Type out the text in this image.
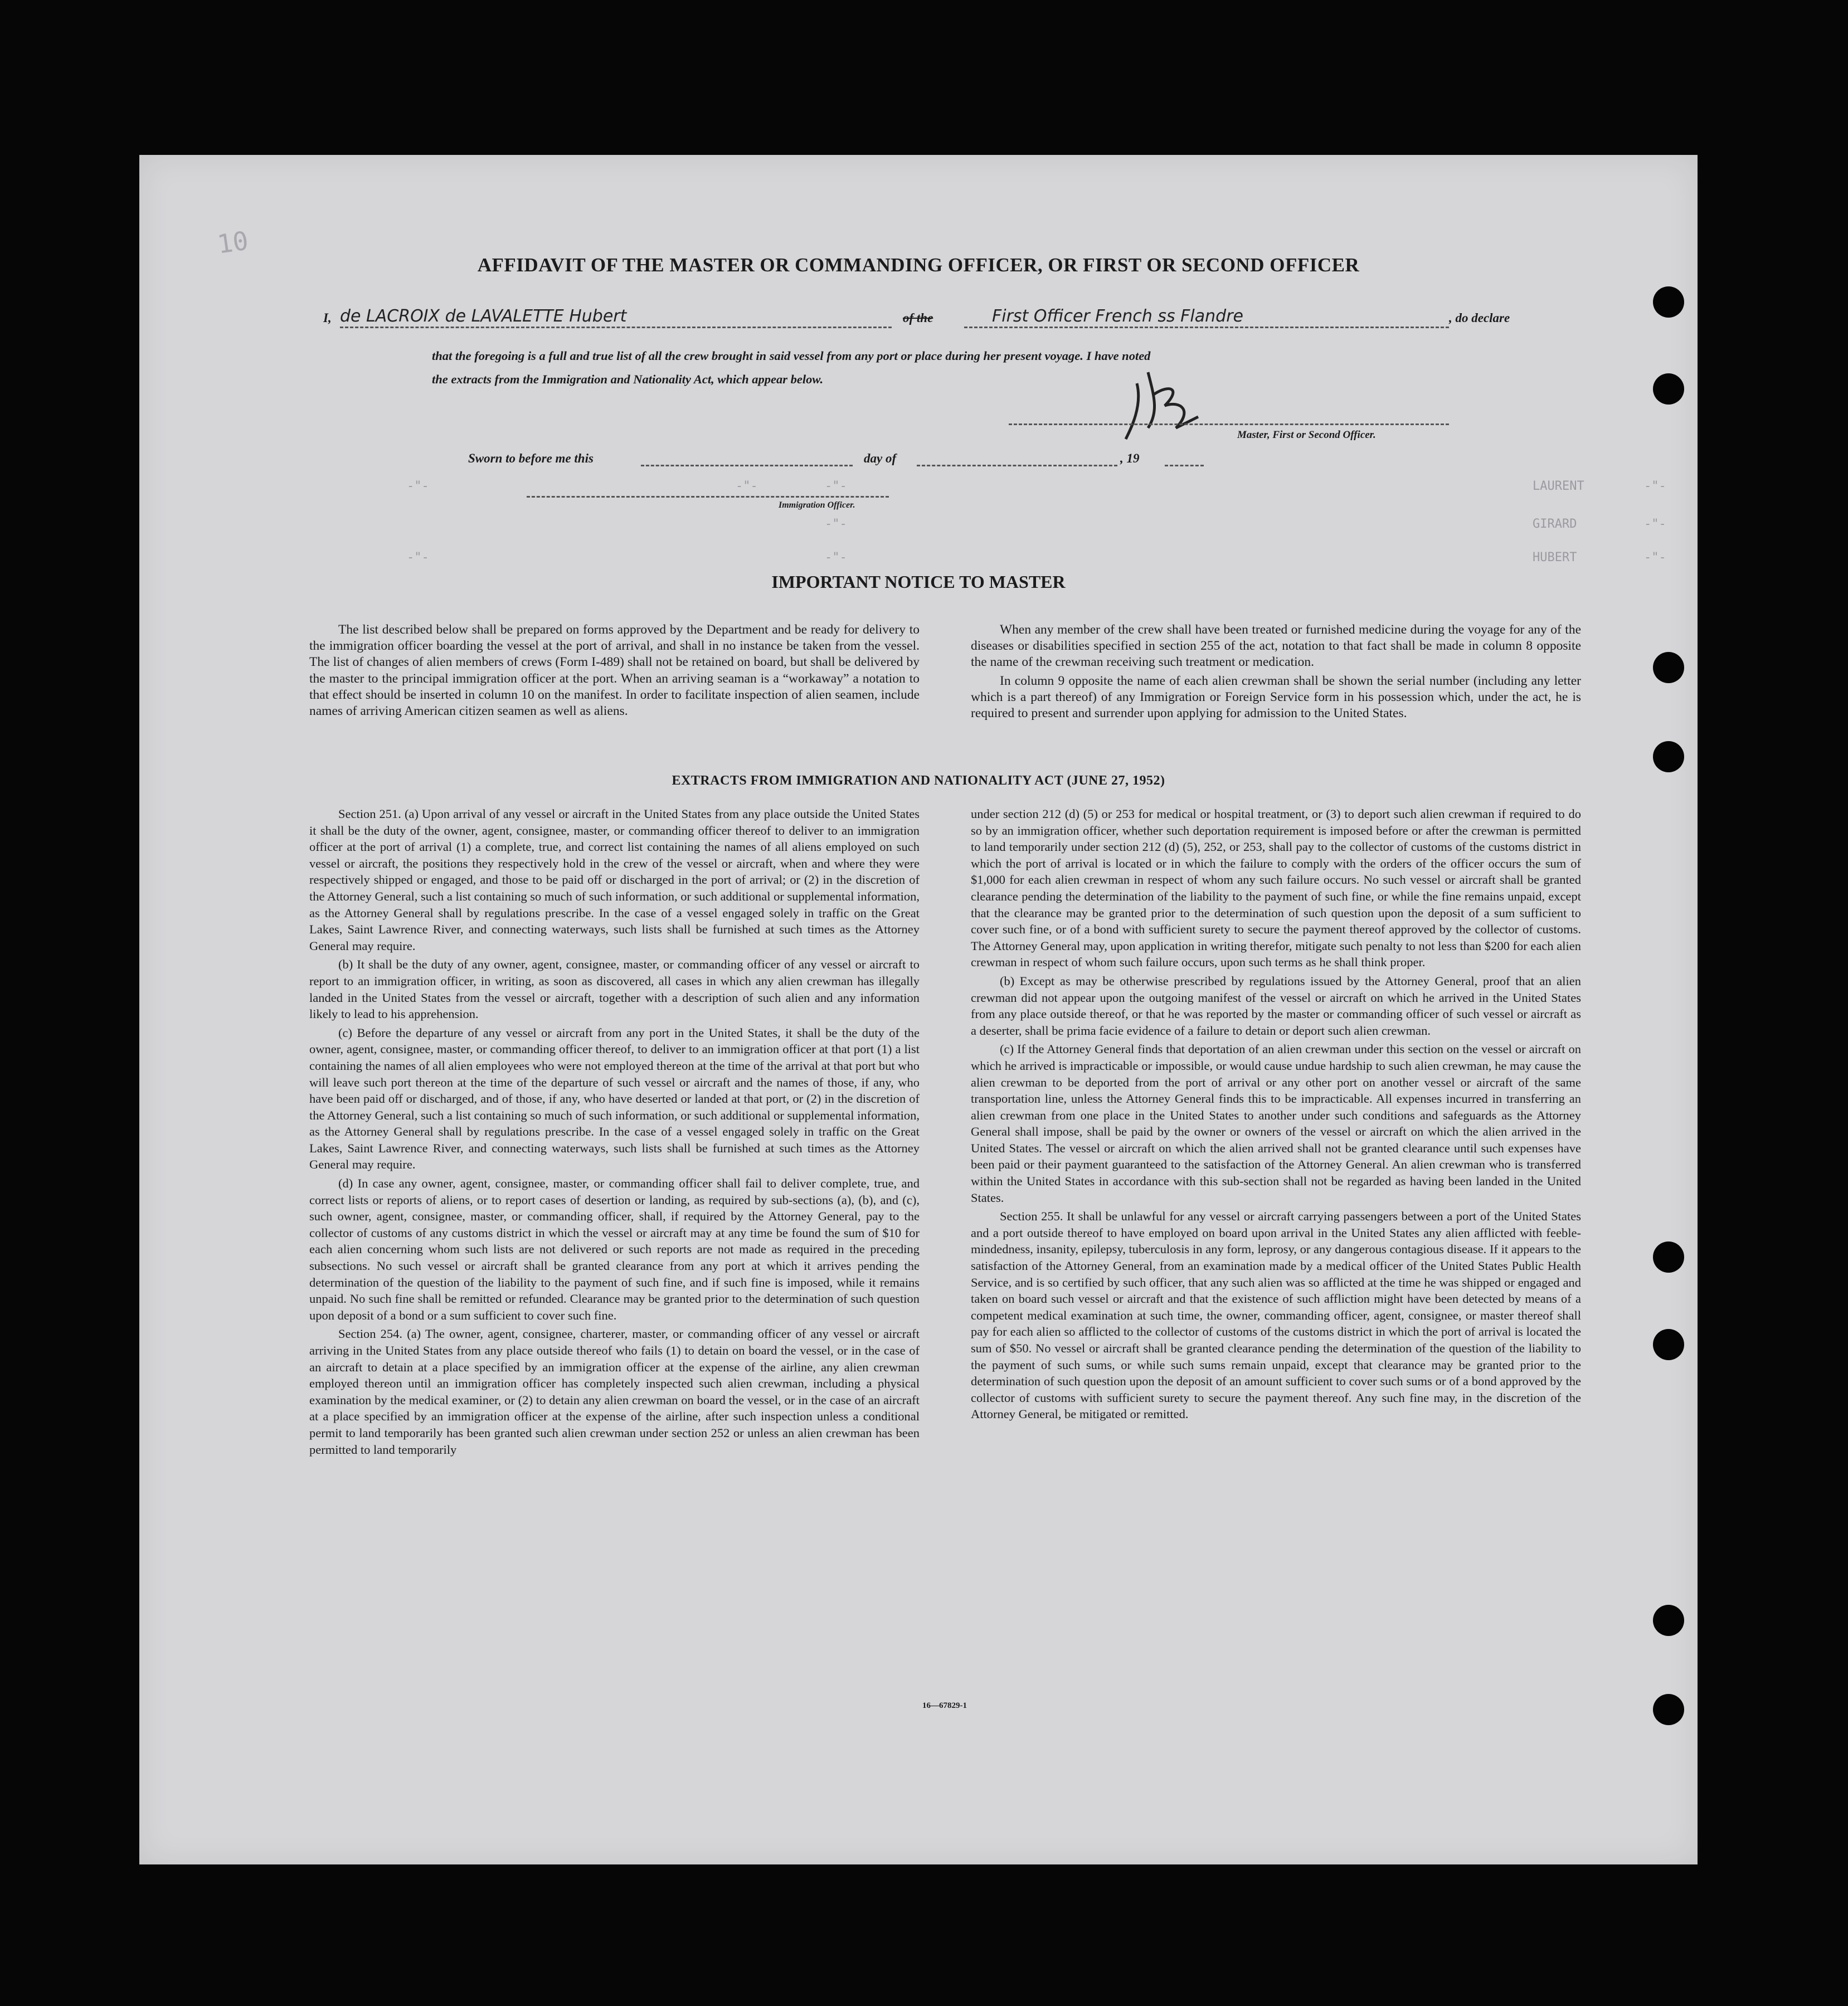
10
AFFIDAVIT OF THE MASTER OR COMMANDING OFFICER, OR FIRST OR SECOND OFFICER
I, de LACROIX de LAVALETTE Hubert	of the	First Officer French ss Flandre	, do declare
that the foregoing is a full and true list of all the crew brought in said vessel from any port or place during her present voyage. I have noted
the extracts from the Immigration and Nationality Act, which appear below.
Master, First or Second Officer.
Sworn to before me this	day of	, 19
Immigration Officer.
-"-
-"-
-"-	-"-
-"-
-"-
-"-
-"-
-"-
LAURENT
GIRARD
HUBERT
IMPORTANT NOTICE TO MASTER

The list described below shall be prepared on forms approved by the Department and be ready for delivery to the immigration officer boarding the vessel at the port of arrival, and shall in no instance be taken from the vessel. The list of changes of alien members of crews (Form I-489) shall not be retained on board, but shall be delivered by the master to the principal immigration officer at the port. When an arriving seaman is a “workaway” a notation to that effect should be inserted in column 10 on the manifest. In order to facilitate inspection of alien seamen, include names of arriving American citizen seamen as well as aliens.

When any member of the crew shall have been treated or furnished medicine during the voyage for any of the diseases or disabilities specified in section 255 of the act, notation to that fact shall be made in column 8 opposite the name of the crewman receiving such treatment or medication.

In column 9 opposite the name of each alien crewman shall be shown the serial number (including any letter which is a part thereof) of any Immigration or Foreign Service form in his possession which, under the act, he is required to present and surrender upon applying for admission to the United States.

EXTRACTS FROM IMMIGRATION AND NATIONALITY ACT (JUNE 27, 1952)

Section 251. (a) Upon arrival of any vessel or aircraft in the United States from any place outside the United States it shall be the duty of the owner, agent, consignee, master, or commanding officer thereof to deliver to an immigration officer at the port of arrival (1) a complete, true, and correct list containing the names of all aliens employed on such vessel or aircraft, the positions they respectively hold in the crew of the vessel or aircraft, when and where they were respectively shipped or engaged, and those to be paid off or discharged in the port of arrival; or (2) in the discretion of the Attorney General, such a list containing so much of such information, or such additional or supplemental information, as the Attorney General shall by regulations prescribe. In the case of a vessel engaged solely in traffic on the Great Lakes, Saint Lawrence River, and connecting waterways, such lists shall be furnished at such times as the Attorney General may require.

(b) It shall be the duty of any owner, agent, consignee, master, or commanding officer of any vessel or aircraft to report to an immigration officer, in writing, as soon as discovered, all cases in which any alien crewman has illegally landed in the United States from the vessel or aircraft, together with a description of such alien and any information likely to lead to his apprehension.

(c) Before the departure of any vessel or aircraft from any port in the United States, it shall be the duty of the owner, agent, consignee, master, or commanding officer thereof, to deliver to an immigration officer at that port (1) a list containing the names of all alien employees who were not employed thereon at the time of the arrival at that port but who will leave such port thereon at the time of the departure of such vessel or aircraft and the names of those, if any, who have been paid off or discharged, and of those, if any, who have deserted or landed at that port, or (2) in the discretion of the Attorney General, such a list containing so much of such information, or such additional or supplemental information, as the Attorney General shall by regulations prescribe. In the case of a vessel engaged solely in traffic on the Great Lakes, Saint Lawrence River, and connecting waterways, such lists shall be furnished at such times as the Attorney General may require.

(d) In case any owner, agent, consignee, master, or commanding officer shall fail to deliver complete, true, and correct lists or reports of aliens, or to report cases of desertion or landing, as required by sub-sections (a), (b), and (c), such owner, agent, consignee, master, or commanding officer, shall, if required by the Attorney General, pay to the collector of customs of any customs district in which the vessel or aircraft may at any time be found the sum of $10 for each alien concerning whom such lists are not delivered or such reports are not made as required in the preceding subsections. No such vessel or aircraft shall be granted clearance from any port at which it arrives pending the determination of the question of the liability to the payment of such fine, and if such fine is imposed, while it remains unpaid. No such fine shall be remitted or refunded. Clearance may be granted prior to the determination of such question upon deposit of a bond or a sum sufficient to cover such fine.

Section 254. (a) The owner, agent, consignee, charterer, master, or commanding officer of any vessel or aircraft arriving in the United States from any place outside thereof who fails (1) to detain on board the vessel, or in the case of an aircraft to detain at a place specified by an immigration officer at the expense of the airline, any alien crewman employed thereon until an immigration officer has completely inspected such alien crewman, including a physical examination by the medical examiner, or (2) to detain any alien crewman on board the vessel, or in the case of an aircraft at a place specified by an immigration officer at the expense of the airline, after such inspection unless a conditional permit to land temporarily has been granted such alien crewman under section 252 or unless an alien crewman has been permitted to land temporarily

under section 212 (d) (5) or 253 for medical or hospital treatment, or (3) to deport such alien crewman if required to do so by an immigration officer, whether such deportation requirement is imposed before or after the crewman is permitted to land temporarily under section 212 (d) (5), 252, or 253, shall pay to the collector of customs of the customs district in which the port of arrival is located or in which the failure to comply with the orders of the officer occurs the sum of $1,000 for each alien crewman in respect of whom any such failure occurs. No such vessel or aircraft shall be granted clearance pending the determination of the liability to the payment of such fine, or while the fine remains unpaid, except that the clearance may be granted prior to the determination of such question upon the deposit of a sum sufficient to cover such fine, or of a bond with sufficient surety to secure the payment thereof approved by the collector of customs. The Attorney General may, upon application in writing therefor, mitigate such penalty to not less than $200 for each alien crewman in respect of whom such failure occurs, upon such terms as he shall think proper.

(b) Except as may be otherwise prescribed by regulations issued by the Attorney General, proof that an alien crewman did not appear upon the outgoing manifest of the vessel or aircraft on which he arrived in the United States from any place outside thereof, or that he was reported by the master or commanding officer of such vessel or aircraft as a deserter, shall be prima facie evidence of a failure to detain or deport such alien crewman.

(c) If the Attorney General finds that deportation of an alien crewman under this section on the vessel or aircraft on which he arrived is impracticable or impossible, or would cause undue hardship to such alien crewman, he may cause the alien crewman to be deported from the port of arrival or any other port on another vessel or aircraft of the same transportation line, unless the Attorney General finds this to be impracticable. All expenses incurred in transferring an alien crewman from one place in the United States to another under such conditions and safeguards as the Attorney General shall impose, shall be paid by the owner or owners of the vessel or aircraft on which the alien arrived in the United States. The vessel or aircraft on which the alien arrived shall not be granted clearance until such expenses have been paid or their payment guaranteed to the satisfaction of the Attorney General. An alien crewman who is transferred within the United States in accordance with this sub-section shall not be regarded as having been landed in the United States.

Section 255. It shall be unlawful for any vessel or aircraft carrying passengers between a port of the United States and a port outside thereof to have employed on board upon arrival in the United States any alien afflicted with feeble-mindedness, insanity, epilepsy, tuberculosis in any form, leprosy, or any dangerous contagious disease. If it appears to the satisfaction of the Attorney General, from an examination made by a medical officer of the United States Public Health Service, and is so certified by such officer, that any such alien was so afflicted at the time he was shipped or engaged and taken on board such vessel or aircraft and that the existence of such affliction might have been detected by means of a competent medical examination at such time, the owner, commanding officer, agent, consignee, or master thereof shall pay for each alien so afflicted to the collector of customs of the customs district in which the port of arrival is located the sum of $50. No vessel or aircraft shall be granted clearance pending the determination of the question of the liability to the payment of such sums, or while such sums remain unpaid, except that clearance may be granted prior to the determination of such question upon the deposit of an amount sufficient to cover such sums or of a bond approved by the collector of customs with sufficient surety to secure the payment thereof. Any such fine may, in the discretion of the Attorney General, be mitigated or remitted.

16—67829-1
